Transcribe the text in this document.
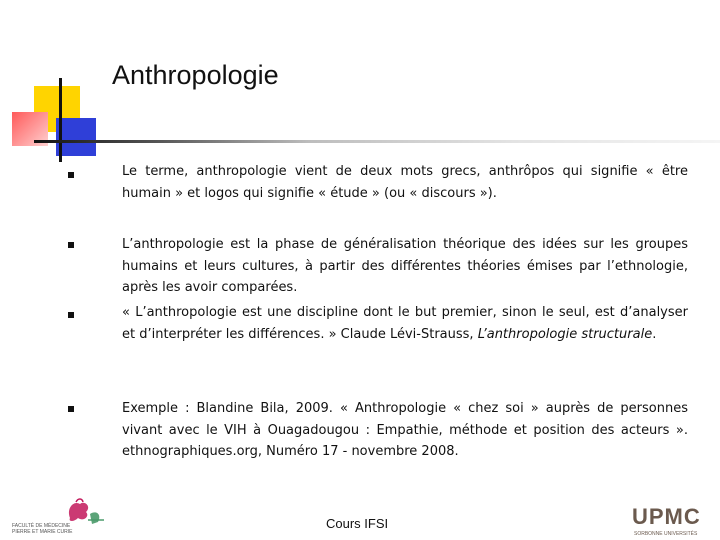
Anthropologie

Le terme, anthropologie vient de deux mots grecs, anthrôpos qui signifie « être humain » et logos qui signifie « étude » (ou « discours »).

L’anthropologie est la phase de généralisation théorique des idées sur les groupes humains et leurs cultures, à partir des différentes théories émises par l’ethnologie, après les avoir comparées.

« L’anthropologie est une discipline dont le but premier, sinon le seul, est d’analyser et d’interpréter les différences. » Claude Lévi-Strauss, L’anthropologie structurale.

Exemple : Blandine Bila, 2009. « Anthropologie « chez soi » auprès de personnes vivant avec le VIH à Ouagadougou : Empathie, méthode et position des acteurs ». ethnographiques.org, Numéro 17 - novembre 2008.

FACULTÉ DE MÉDECINE
PIERRE ET MARIE CURIE
Cours IFSI	UPMC
SORBONNE UNIVERSITÉS
